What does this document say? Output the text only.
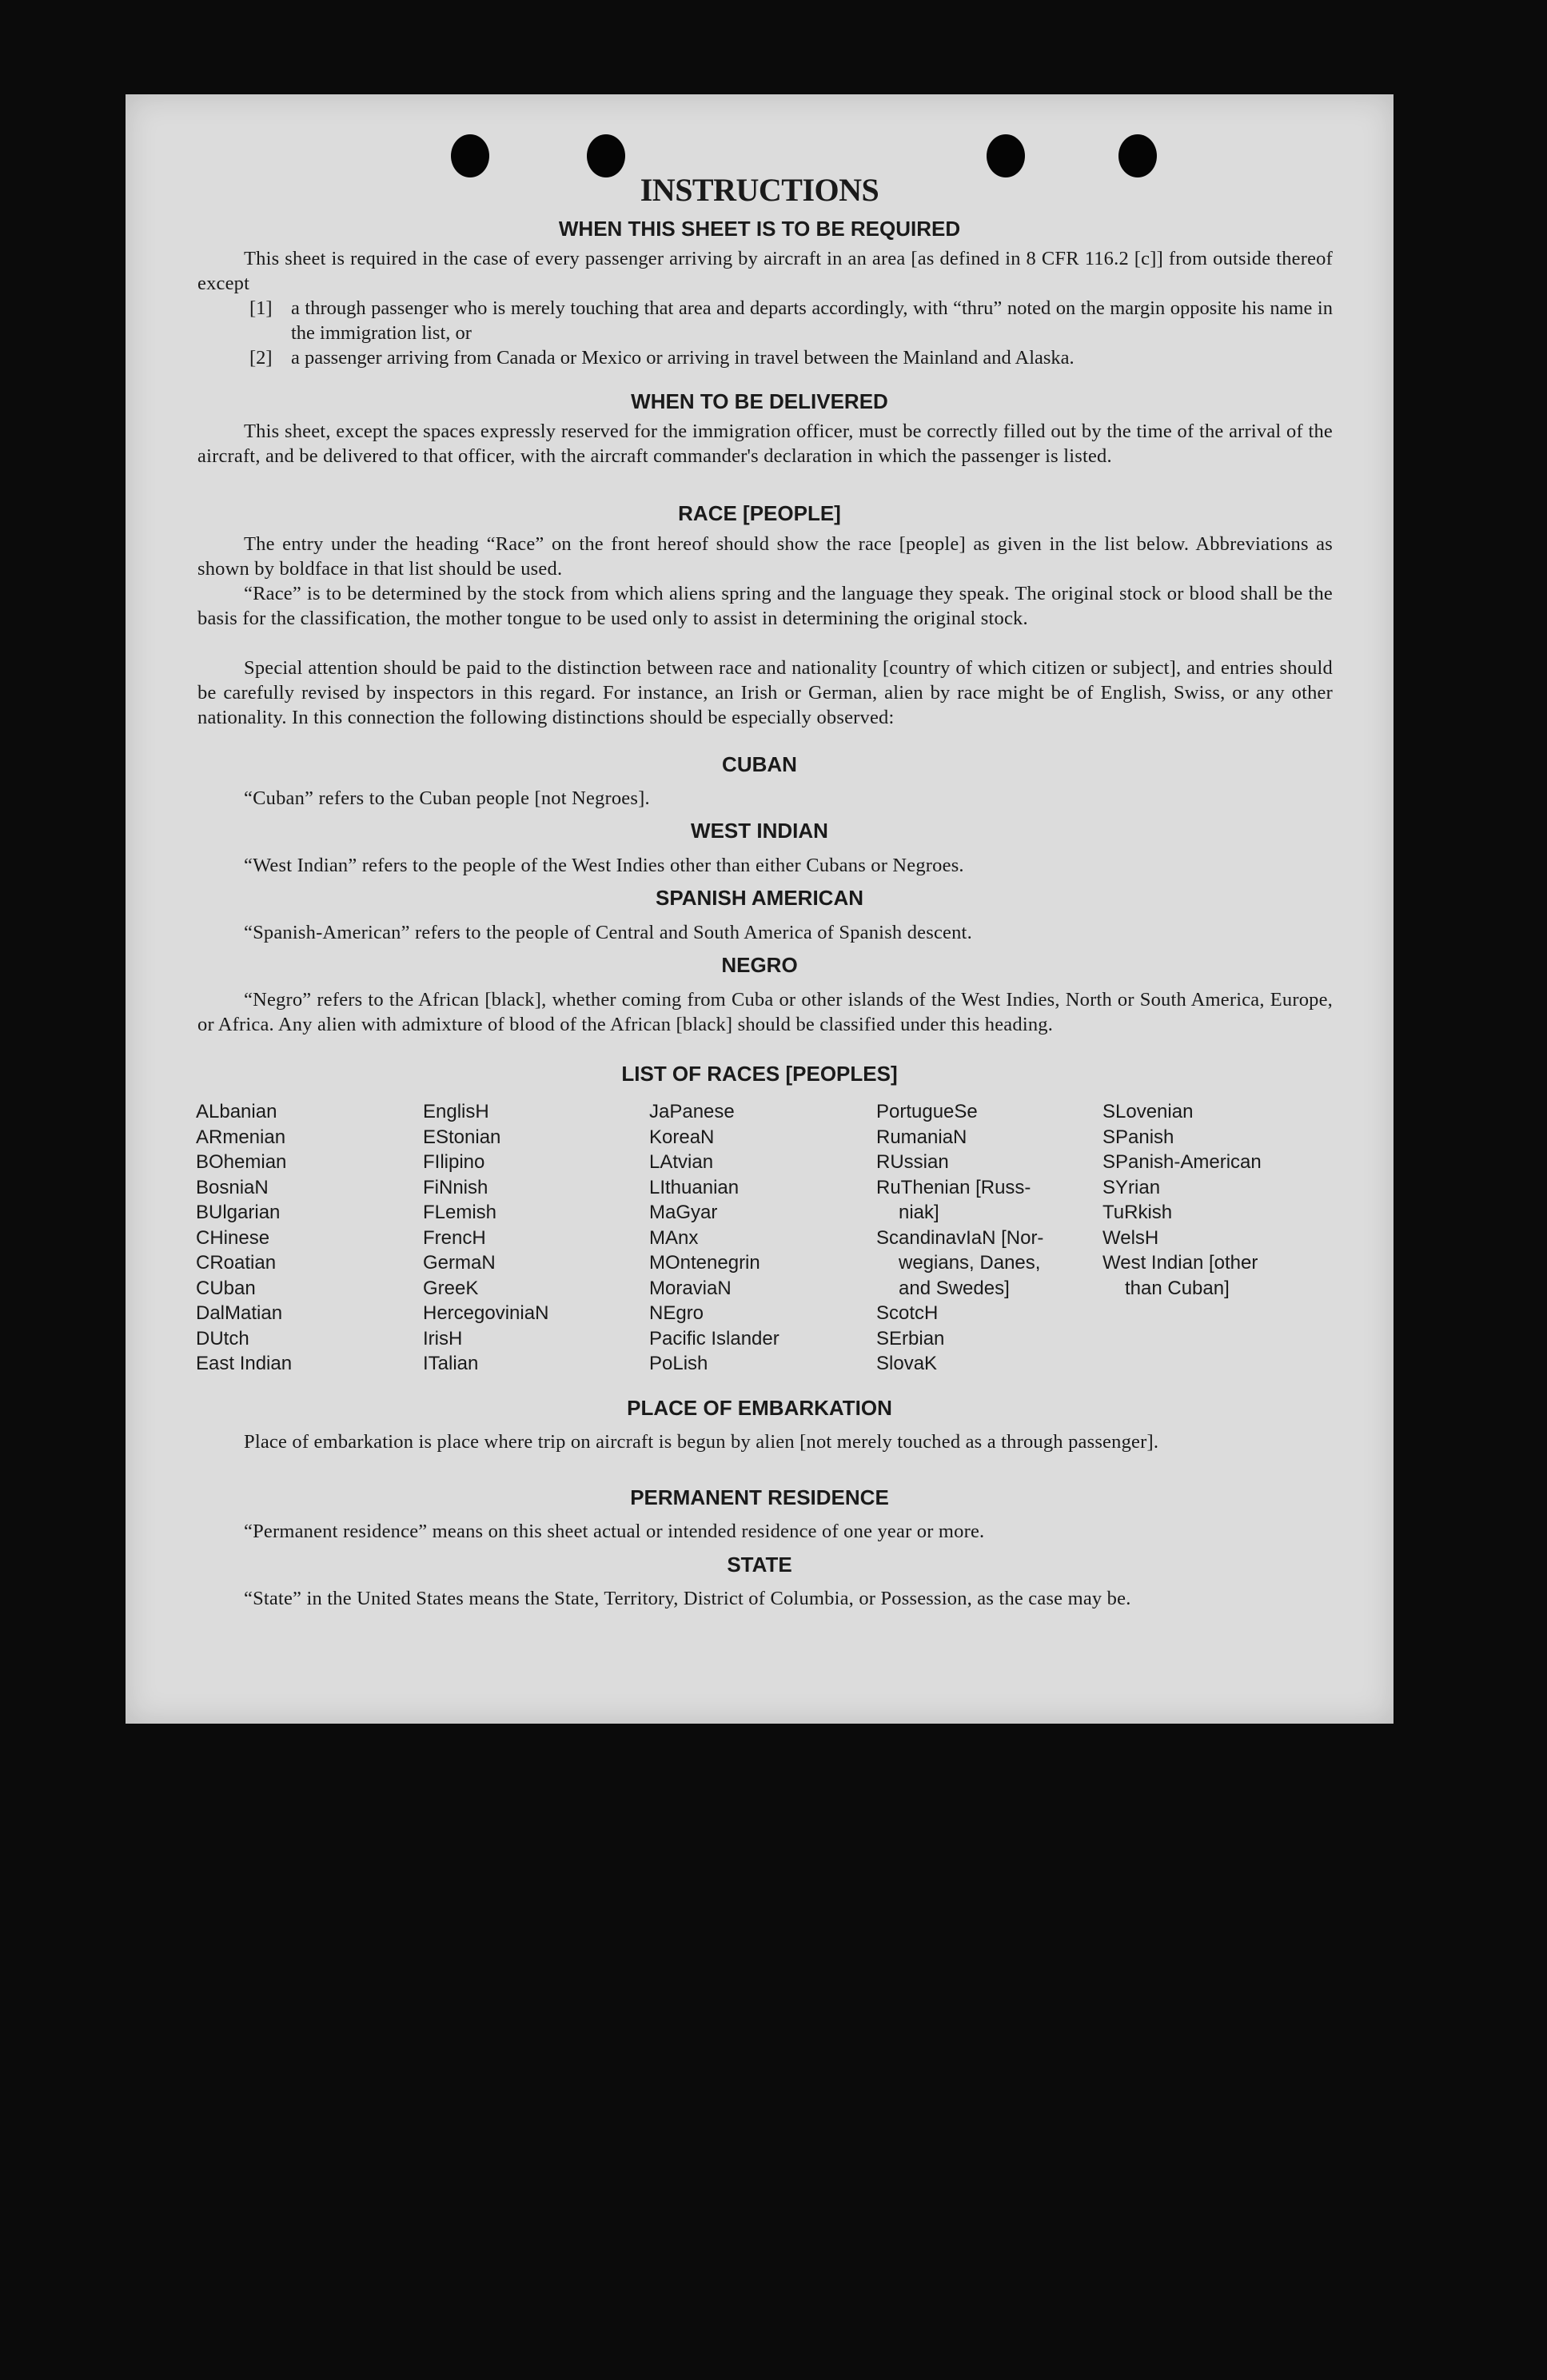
INSTRUCTIONS
WHEN THIS SHEET IS TO BE REQUIRED
This sheet is required in the case of every passenger arriving by aircraft in an area [as defined in 8 CFR 116.2 [c]] from outside thereof except
[1] a through passenger who is merely touching that area and departs accordingly, with “thru” noted on the margin opposite his name in the immigration list, or
[2] a passenger arriving from Canada or Mexico or arriving in travel between the Mainland and Alaska.
WHEN TO BE DELIVERED
This sheet, except the spaces expressly reserved for the immigration officer, must be correctly filled out by the time of the arrival of the aircraft, and be delivered to that officer, with the aircraft commander's declaration in which the passenger is listed.
RACE [PEOPLE]
The entry under the heading “Race” on the front hereof should show the race [people] as given in the list below. Abbreviations as shown by boldface in that list should be used.
“Race” is to be determined by the stock from which aliens spring and the language they speak. The original stock or blood shall be the basis for the classification, the mother tongue to be used only to assist in determining the original stock.
Special attention should be paid to the distinction between race and nationality [country of which citizen or subject], and entries should be carefully revised by inspectors in this regard. For instance, an Irish or German, alien by race might be of English, Swiss, or any other nationality. In this connection the following distinctions should be especially observed:
CUBAN
“Cuban” refers to the Cuban people [not Negroes].
WEST INDIAN
“West Indian” refers to the people of the West Indies other than either Cubans or Negroes.
SPANISH AMERICAN
“Spanish-American” refers to the people of Central and South America of Spanish descent.
NEGRO
“Negro” refers to the African [black], whether coming from Cuba or other islands of the West Indies, North or South America, Europe, or Africa. Any alien with admixture of blood of the African [black] should be classified under this heading.
LIST OF RACES [PEOPLES]
ALbanian
ARmenian
BOhemian
BosniaN
BUlgarian
CHinese
CRoatian
CUban
DalMatian
DUtch
East Indian
EnglisH
EStonian
FIlipino
FiNnish
FLemish
FrencH
GermaN
GreeK
HercegoviniaN
IrisH
ITalian
JaPanese
KoreaN
LAtvian
LIthuanian
MaGyar
MAnx
MOntenegrin
MoraviaN
NEgro
Pacific Islander
PoLish
PortugueSe
RumaniaN
RUssian
RuThenian [Russ-
niak]
ScandinavIaN [Nor-
wegians, Danes,
and Swedes]
ScotcH
SErbian
SlovaK
SLovenian
SPanish
SPanish-American
SYrian
TuRkish
WelsH
West Indian [other
than Cuban]
PLACE OF EMBARKATION
Place of embarkation is place where trip on aircraft is begun by alien [not merely touched as a through passenger].
PERMANENT RESIDENCE
“Permanent residence” means on this sheet actual or intended residence of one year or more.
STATE
“State” in the United States means the State, Territory, District of Columbia, or Possession, as the case may be.
